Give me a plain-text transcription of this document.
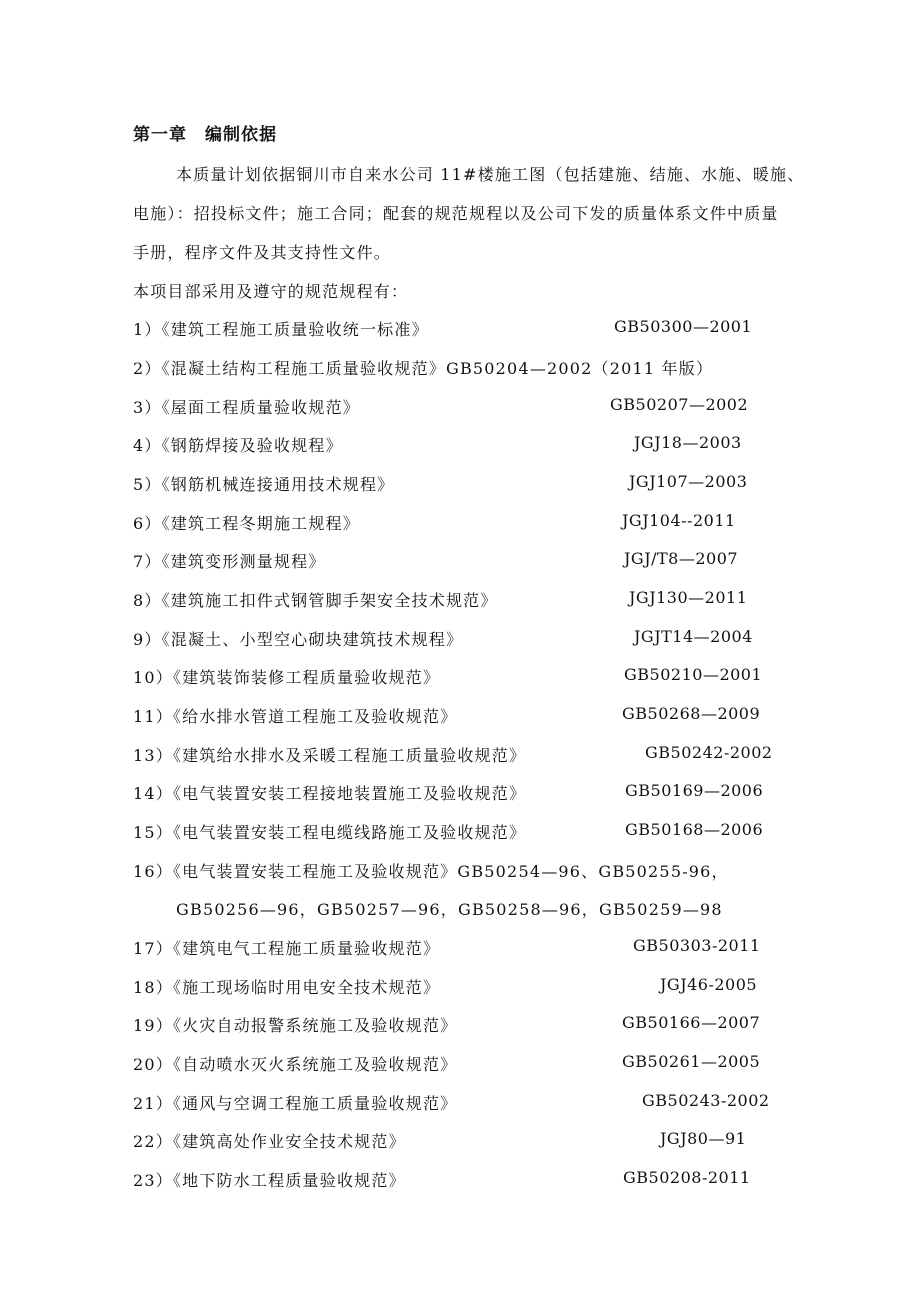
第一章　编制依据
本质量计划依据铜川市自来水公司 11#楼施工图（包括建施、结施、水施、暖施、
电施）：招投标文件；施工合同；配套的规范规程以及公司下发的质量体系文件中质量
手册，程序文件及其支持性文件。
本项目部采用及遵守的规范规程有：
1）《建筑工程施工质量验收统一标准》	GB50300—2001
2）《混凝土结构工程施工质量验收规范》GB50204—2002（2011 年版）
3）《屋面工程质量验收规范》	GB50207—2002
4）《钢筋焊接及验收规程》	JGJ18—2003
5）《钢筋机械连接通用技术规程》	JGJ107—2003
6）《建筑工程冬期施工规程》	JGJ104--2011
7）《建筑变形测量规程》	JGJ/T8—2007
8）《建筑施工扣件式钢管脚手架安全技术规范》	JGJ130—2011
9）《混凝土、小型空心砌块建筑技术规程》	JGJT14—2004
10）《建筑装饰装修工程质量验收规范》	GB50210—2001
11）《给水排水管道工程施工及验收规范》	GB50268—2009
13）《建筑给水排水及采暖工程施工质量验收规范》	GB50242-2002
14）《电气装置安装工程接地装置施工及验收规范》	GB50169—2006
15）《电气装置安装工程电缆线路施工及验收规范》	GB50168—2006
16）《电气装置安装工程施工及验收规范》GB50254—96、GB50255-96，
GB50256—96，GB50257—96，GB50258—96，GB50259—98
17）《建筑电气工程施工质量验收规范》	GB50303-2011
18）《施工现场临时用电安全技术规范》	JGJ46-2005
19）《火灾自动报警系统施工及验收规范》	GB50166—2007
20）《自动喷水灭火系统施工及验收规范》	GB50261—2005
21）《通风与空调工程施工质量验收规范》	GB50243-2002
22）《建筑高处作业安全技术规范》	JGJ80—91
23）《地下防水工程质量验收规范》	GB50208-2011
